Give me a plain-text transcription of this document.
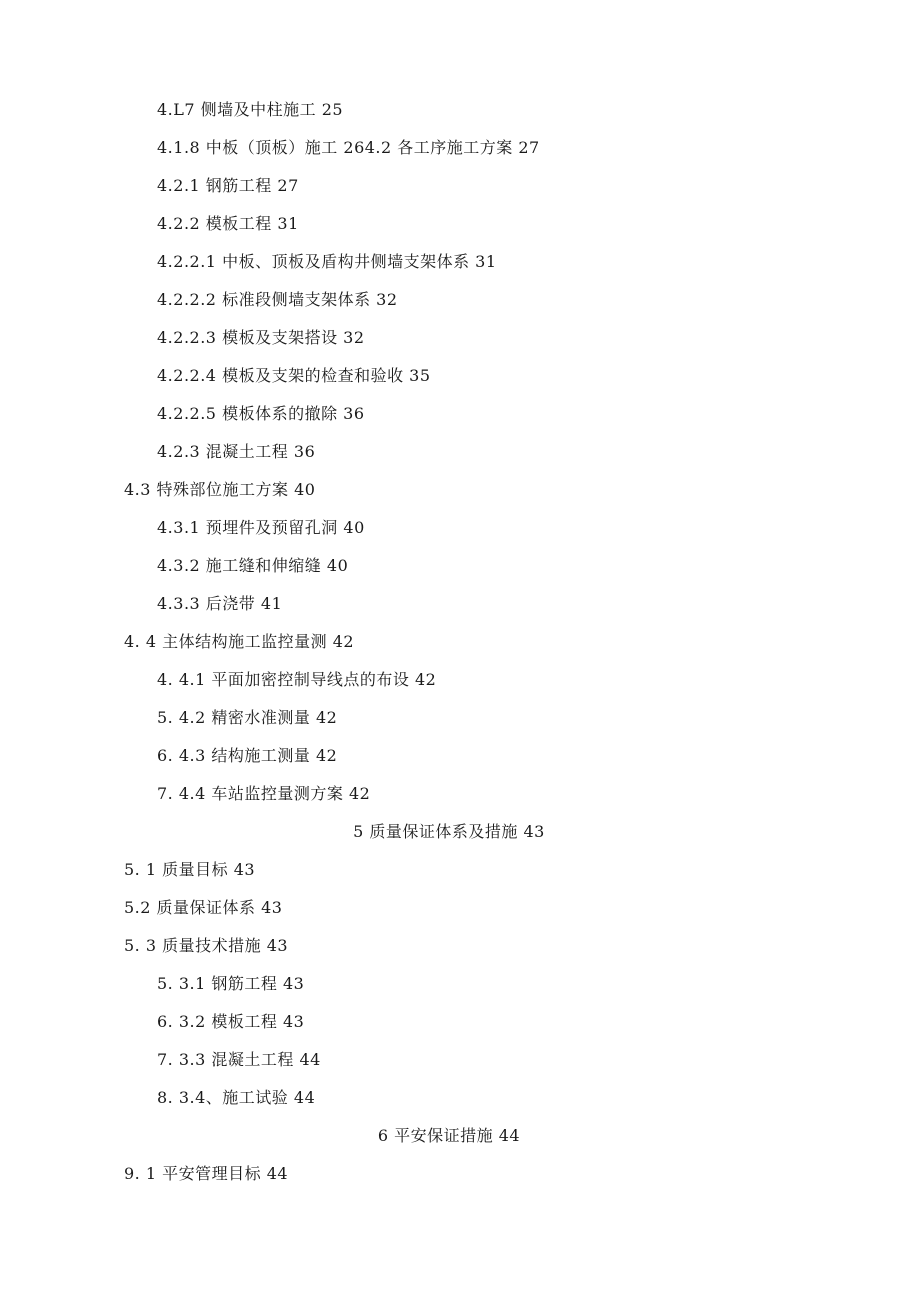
4.L7 侧墙及中柱施工 25
4.1.8 中板（顶板）施工 264.2 各工序施工方案 27
4.2.1 钢筋工程 27
4.2.2 模板工程 31
4.2.2.1 中板、顶板及盾构井侧墙支架体系 31
4.2.2.2 标准段侧墙支架体系 32
4.2.2.3 模板及支架搭设 32
4.2.2.4 模板及支架的检查和验收 35
4.2.2.5 模板体系的撤除 36
4.2.3 混凝土工程 36
4.3 特殊部位施工方案 40
4.3.1 预埋件及预留孔洞 40
4.3.2 施工缝和伸缩缝 40
4.3.3 后浇带 41
4. 4 主体结构施工监控量测 42
4. 4.1 平面加密控制导线点的布设 42
5. 4.2 精密水准测量 42
6. 4.3 结构施工测量 42
7. 4.4 车站监控量测方案 42
5 质量保证体系及措施 43
5. 1 质量目标 43
5.2 质量保证体系 43
5. 3 质量技术措施 43
5. 3.1 钢筋工程 43
6. 3.2 模板工程 43
7. 3.3 混凝土工程 44
8. 3.4、施工试验 44
6 平安保证措施 44
9. 1 平安管理目标 44
